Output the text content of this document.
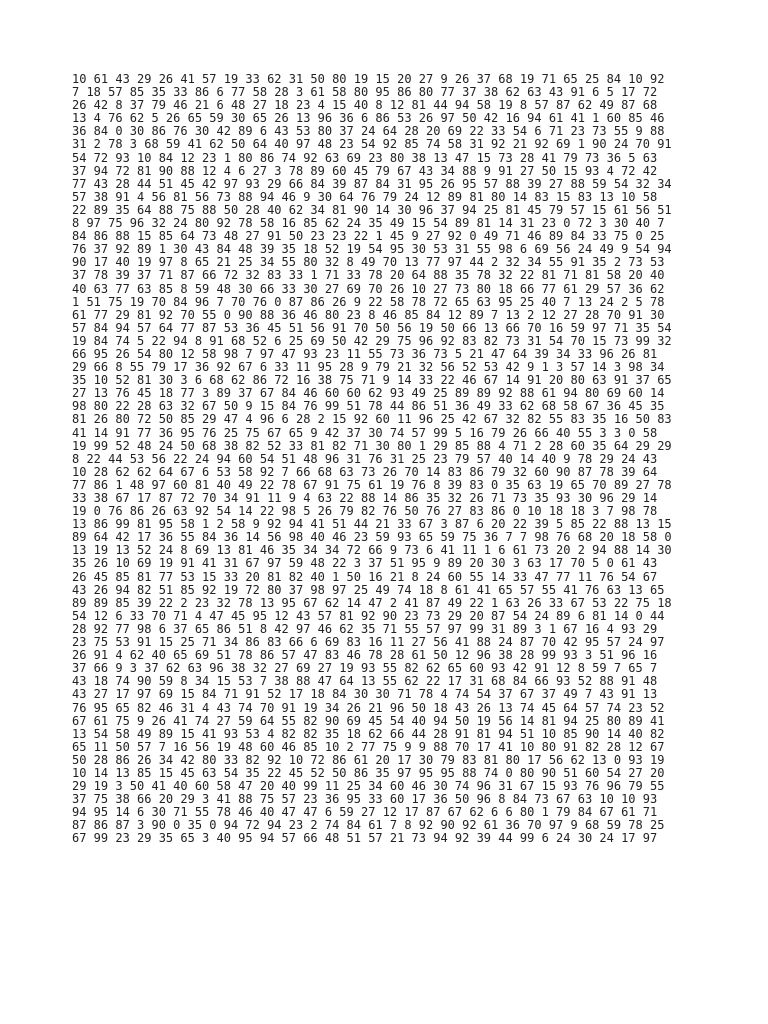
10 61 43 29 26 41 57 19 33 62 31 50 80 19 15 20 27 9 26 37 68 19 71 65 25 84 10 92
7 18 57 85 35 33 86 6 77 58 28 3 61 58 80 95 86 80 77 37 38 62 63 43 91 6 5 17 72
26 42 8 37 79 46 21 6 48 27 18 23 4 15 40 8 12 81 44 94 58 19 8 57 87 62 49 87 68
13 4 76 62 5 26 65 59 30 65 26 13 96 36 6 86 53 26 97 50 42 16 94 61 41 1 60 85 46
36 84 0 30 86 76 30 42 89 6 43 53 80 37 24 64 28 20 69 22 33 54 6 71 23 73 55 9 88
31 2 78 3 68 59 41 62 50 64 40 97 48 23 54 92 85 74 58 31 92 21 92 69 1 90 24 70 91
54 72 93 10 84 12 23 1 80 86 74 92 63 69 23 80 38 13 47 15 73 28 41 79 73 36 5 63
37 94 72 81 90 88 12 4 6 27 3 78 89 60 45 79 67 43 34 88 9 91 27 50 15 93 4 72 42
77 43 28 44 51 45 42 97 93 29 66 84 39 87 84 31 95 26 95 57 88 39 27 88 59 54 32 34
57 38 91 4 56 81 56 73 88 94 46 9 30 64 76 79 24 12 89 81 80 14 83 15 83 13 10 58
22 89 35 64 88 75 88 50 28 40 62 34 81 90 14 30 96 37 94 25 81 45 79 57 15 61 56 51
8 97 75 96 32 24 80 92 78 58 16 85 62 24 35 49 15 54 89 81 14 31 23 0 72 3 30 40 7
84 86 88 15 85 64 73 48 27 91 50 23 23 22 1 45 9 27 92 0 49 71 46 89 84 33 75 0 25
76 37 92 89 1 30 43 84 48 39 35 18 52 19 54 95 30 53 31 55 98 6 69 56 24 49 9 54 94
90 17 40 19 97 8 65 21 25 34 55 80 32 8 49 70 13 77 97 44 2 32 34 55 91 35 2 73 53
37 78 39 37 71 87 66 72 32 83 33 1 71 33 78 20 64 88 35 78 32 22 81 71 81 58 20 40
40 63 77 63 85 8 59 48 30 66 33 30 27 69 70 26 10 27 73 80 18 66 77 61 29 57 36 62
1 51 75 19 70 84 96 7 70 76 0 87 86 26 9 22 58 78 72 65 63 95 25 40 7 13 24 2 5 78
61 77 29 81 92 70 55 0 90 88 36 46 80 23 8 46 85 84 12 89 7 13 2 12 27 28 70 91 30
57 84 94 57 64 77 87 53 36 45 51 56 91 70 50 56 19 50 66 13 66 70 16 59 97 71 35 54
19 84 74 5 22 94 8 91 68 52 6 25 69 50 42 29 75 96 92 83 82 73 31 54 70 15 73 99 32
66 95 26 54 80 12 58 98 7 97 47 93 23 11 55 73 36 73 5 21 47 64 39 34 33 96 26 81
29 66 8 55 79 17 36 92 67 6 33 11 95 28 9 79 21 32 56 52 53 42 9 1 3 57 14 3 98 34
35 10 52 81 30 3 6 68 62 86 72 16 38 75 71 9 14 33 22 46 67 14 91 20 80 63 91 37 65
27 13 76 45 18 77 3 89 37 67 84 46 60 60 62 93 49 25 89 89 92 88 61 94 80 69 60 14
98 80 22 28 63 32 67 50 9 15 84 76 99 51 78 44 86 51 36 49 33 62 68 58 67 36 45 35
81 26 80 72 50 85 29 47 4 96 6 28 2 15 92 60 11 96 25 42 67 32 82 55 83 35 16 50 83
41 14 91 77 36 95 76 25 75 67 65 9 42 37 30 74 57 99 5 16 79 26 66 40 55 3 3 0 58
19 99 52 48 24 50 68 38 82 52 33 81 82 71 30 80 1 29 85 88 4 71 2 28 60 35 64 29 29
8 22 44 53 56 22 24 94 60 54 51 48 96 31 76 31 25 23 79 57 40 14 40 9 78 29 24 43
10 28 62 62 64 67 6 53 58 92 7 66 68 63 73 26 70 14 83 86 79 32 60 90 87 78 39 64
77 86 1 48 97 60 81 40 49 22 78 67 91 75 61 19 76 8 39 83 0 35 63 19 65 70 89 27 78
33 38 67 17 87 72 70 34 91 11 9 4 63 22 88 14 86 35 32 26 71 73 35 93 30 96 29 14
19 0 76 86 26 63 92 54 14 22 98 5 26 79 82 76 50 76 27 83 86 0 10 18 18 3 7 98 78
13 86 99 81 95 58 1 2 58 9 92 94 41 51 44 21 33 67 3 87 6 20 22 39 5 85 22 88 13 15
89 64 42 17 36 55 84 36 14 56 98 40 46 23 59 93 65 59 75 36 7 7 98 76 68 20 18 58 0
13 19 13 52 24 8 69 13 81 46 35 34 34 72 66 9 73 6 41 11 1 6 61 73 20 2 94 88 14 30
35 26 10 69 19 91 41 31 67 97 59 48 22 3 37 51 95 9 89 20 30 3 63 17 70 5 0 61 43
26 45 85 81 77 53 15 33 20 81 82 40 1 50 16 21 8 24 60 55 14 33 47 77 11 76 54 67
43 26 94 82 51 85 92 19 72 80 37 98 97 25 49 74 18 8 61 41 65 57 55 41 76 63 13 65
89 89 85 39 22 2 23 32 78 13 95 67 62 14 47 2 41 87 49 22 1 63 26 33 67 53 22 75 18
54 12 6 33 70 71 4 47 45 95 12 43 57 81 92 90 23 73 29 20 87 54 24 89 6 81 14 0 44
28 92 77 98 6 37 65 86 51 8 42 97 46 62 35 71 55 57 97 99 31 89 3 1 67 16 4 93 29
23 75 53 91 15 25 71 34 86 83 66 6 69 83 16 11 27 56 41 88 24 87 70 42 95 57 24 97
26 91 4 62 40 65 69 51 78 86 57 47 83 46 78 28 61 50 12 96 38 28 99 93 3 51 96 16
37 66 9 3 37 62 63 96 38 32 27 69 27 19 93 55 82 62 65 60 93 42 91 12 8 59 7 65 7
43 18 74 90 59 8 34 15 53 7 38 88 47 64 13 55 62 22 17 31 68 84 66 93 52 88 91 48
43 27 17 97 69 15 84 71 91 52 17 18 84 30 30 71 78 4 74 54 37 67 37 49 7 43 91 13
76 95 65 82 46 31 4 43 74 70 91 19 34 26 21 96 50 18 43 26 13 74 45 64 57 74 23 52
67 61 75 9 26 41 74 27 59 64 55 82 90 69 45 54 40 94 50 19 56 14 81 94 25 80 89 41
13 54 58 49 89 15 41 93 53 4 82 82 35 18 62 66 44 28 91 81 94 51 10 85 90 14 40 82
65 11 50 57 7 16 56 19 48 60 46 85 10 2 77 75 9 9 88 70 17 41 10 80 91 82 28 12 67
50 28 86 26 34 42 80 33 82 92 10 72 86 61 20 17 30 79 83 81 80 17 56 62 13 0 93 19
10 14 13 85 15 45 63 54 35 22 45 52 50 86 35 97 95 95 88 74 0 80 90 51 60 54 27 20
29 19 3 50 41 40 60 58 47 20 40 99 11 25 34 60 46 30 74 96 31 67 15 93 76 96 79 55
37 75 38 66 20 29 3 41 88 75 57 23 36 95 33 60 17 36 50 96 8 84 73 67 63 10 10 93
94 95 14 6 30 71 55 78 46 40 47 47 6 59 27 12 17 87 67 62 6 6 80 1 79 84 67 61 71
87 86 87 3 90 0 35 0 94 72 94 23 2 74 84 61 7 8 92 90 92 61 36 70 97 9 68 59 78 25
67 99 23 29 35 65 3 40 95 94 57 66 48 51 57 21 73 94 92 39 44 99 6 24 30 24 17 97
